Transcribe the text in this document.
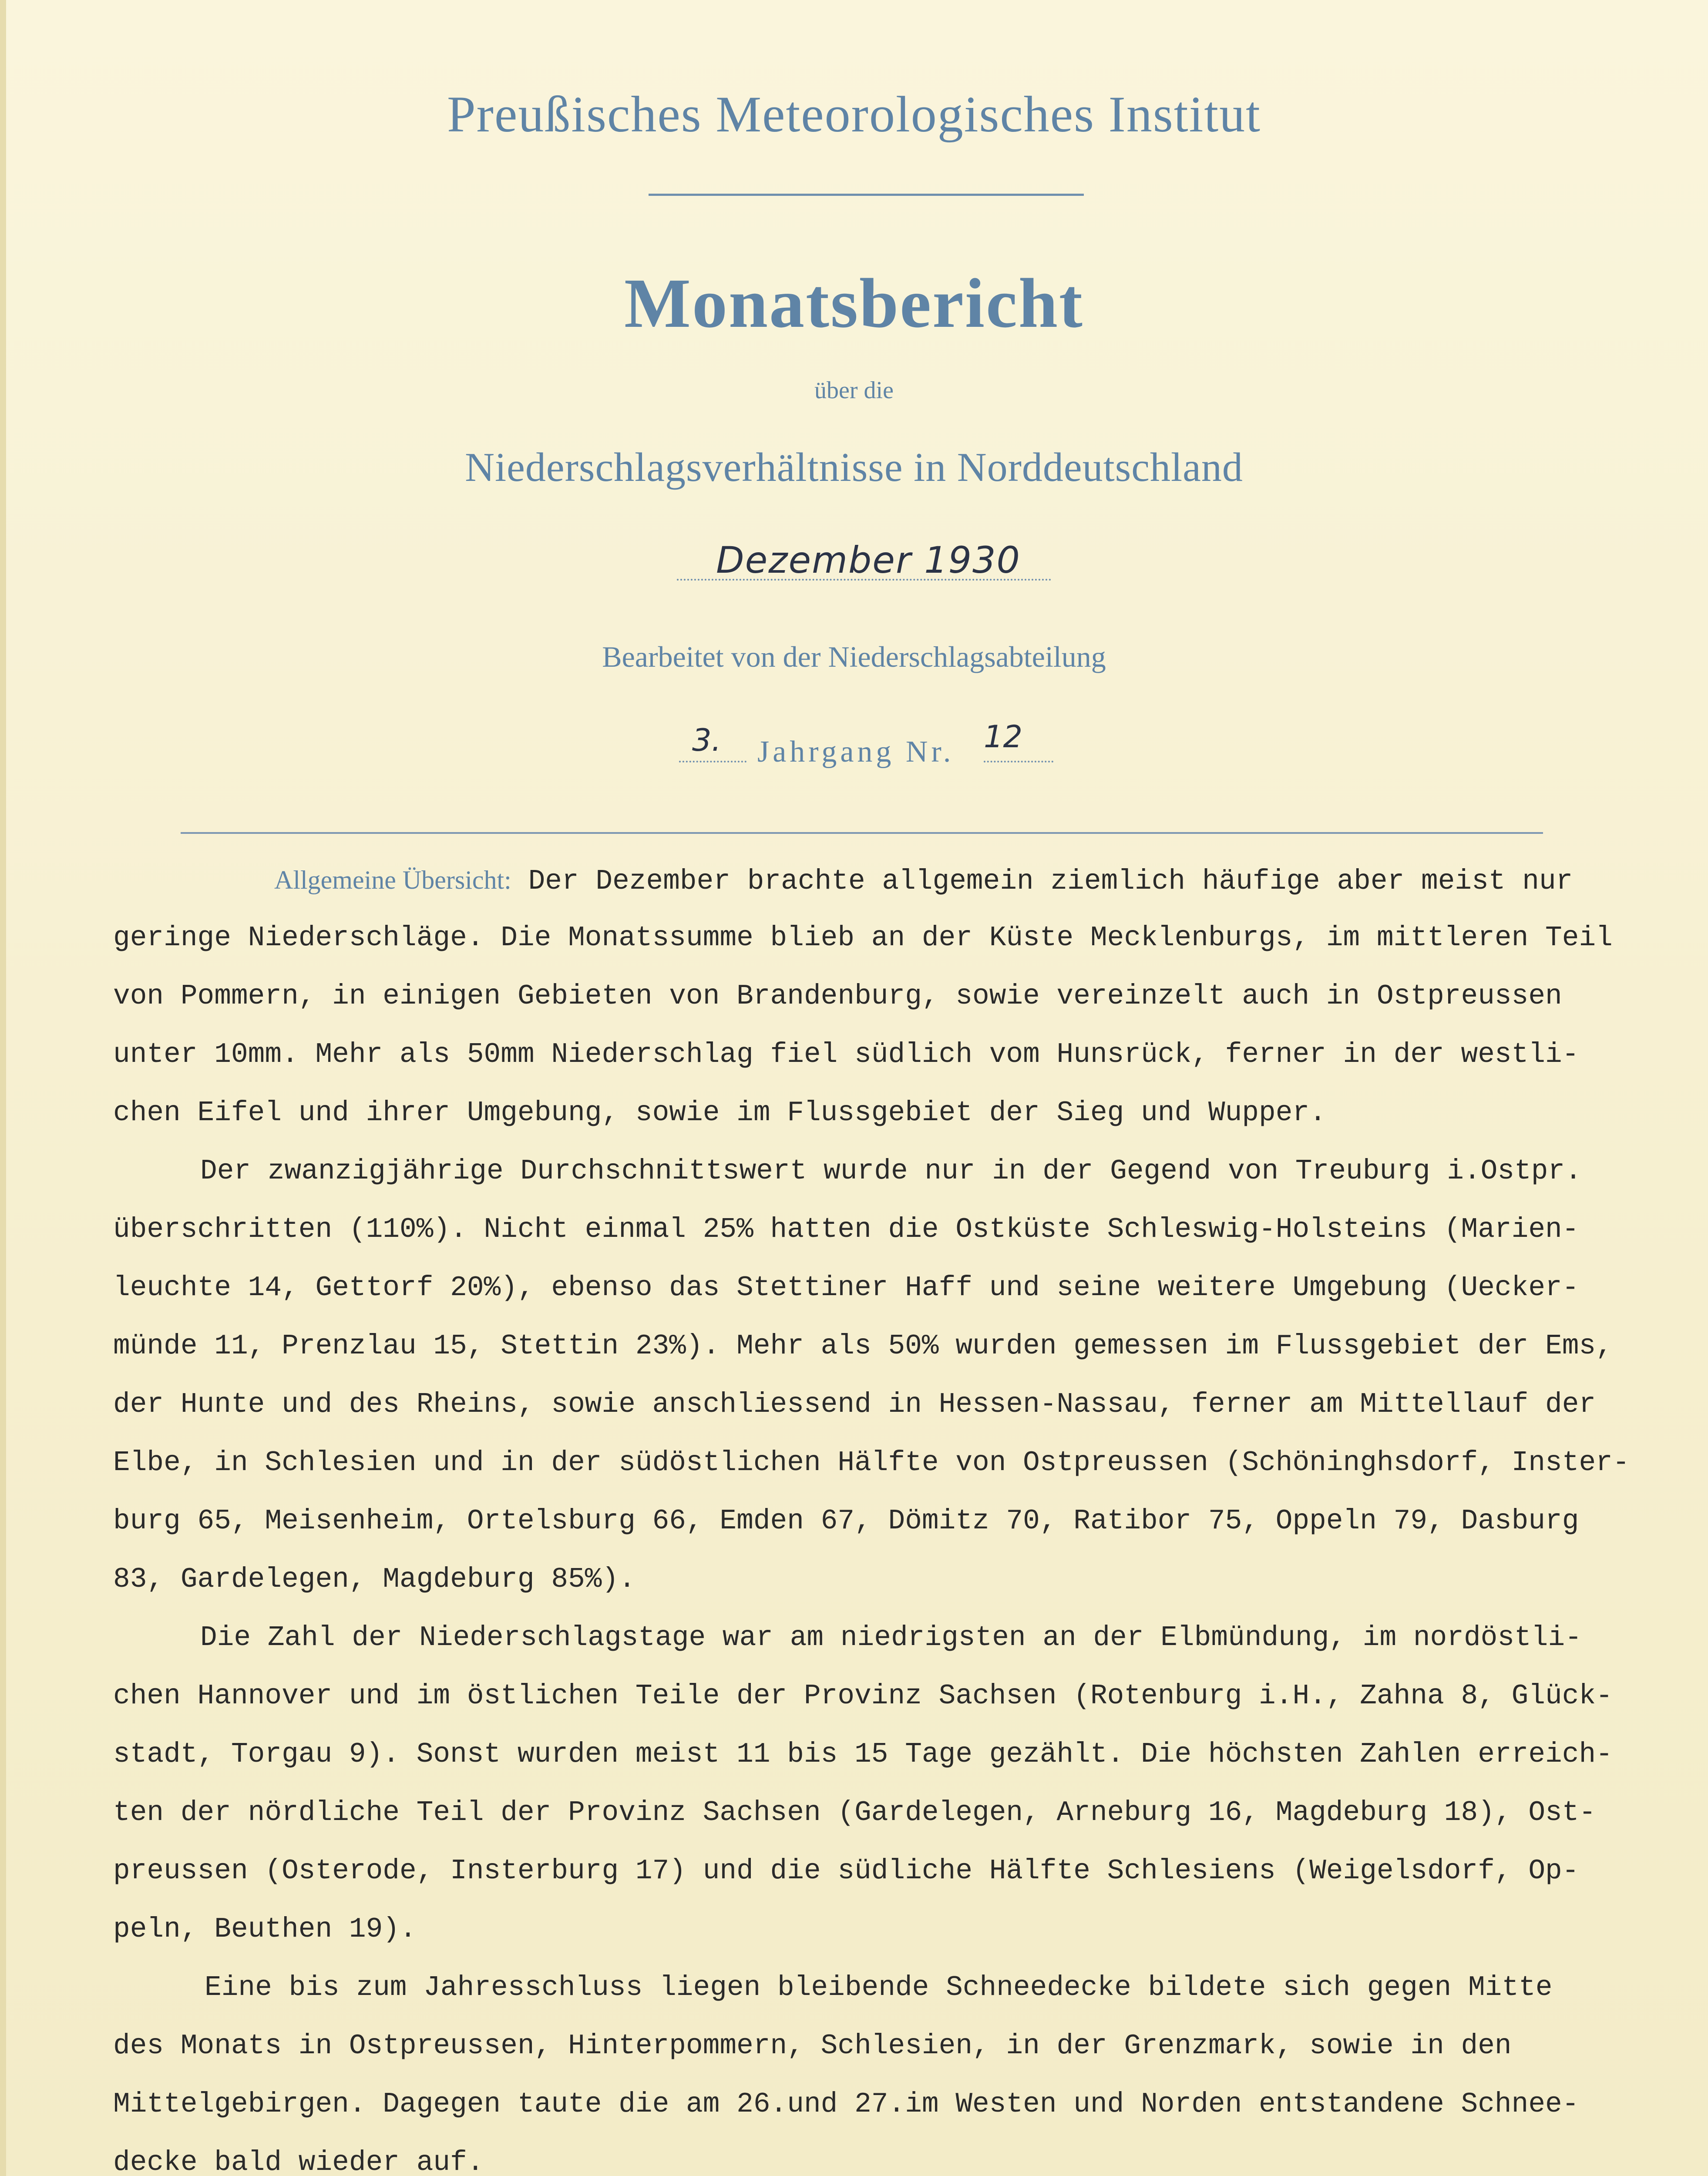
Preußisches Meteorologisches Institut
Monatsbericht
über die
Niederschlagsverhältnisse in Norddeutschland
Dezember 1930
Bearbeitet von der Niederschlagsabteilung
3. Jahrgang Nr. 12
Allgemeine Übersicht: Der Dezember brachte allgemein ziemlich häufige aber meist nur
geringe Niederschläge. Die Monatssumme blieb an der Küste Mecklenburgs, im mittleren Teil
von Pommern, in einigen Gebieten von Brandenburg, sowie vereinzelt auch in Ostpreussen
unter 10mm. Mehr als 50mm Niederschlag fiel südlich vom Hunsrück, ferner in der westli-
chen Eifel und ihrer Umgebung, sowie im Flussgebiet der Sieg und Wupper.
Der zwanzigjährige Durchschnittswert wurde nur in der Gegend von Treuburg i.Ostpr.
überschritten (110%). Nicht einmal 25% hatten die Ostküste Schleswig-Holsteins (Marien-
leuchte 14, Gettorf 20%), ebenso das Stettiner Haff und seine weitere Umgebung (Uecker-
münde 11, Prenzlau 15, Stettin 23%). Mehr als 50% wurden gemessen im Flussgebiet der Ems,
der Hunte und des Rheins, sowie anschliessend in Hessen-Nassau, ferner am Mittellauf der
Elbe, in Schlesien und in der südöstlichen Hälfte von Ostpreussen (Schöninghsdorf, Inster-
burg 65, Meisenheim, Ortelsburg 66, Emden 67, Dömitz 70, Ratibor 75, Oppeln 79, Dasburg
83, Gardelegen, Magdeburg 85%).
Die Zahl der Niederschlagstage war am niedrigsten an der Elbmündung, im nordöstli-
chen Hannover und im östlichen Teile der Provinz Sachsen (Rotenburg i.H., Zahna 8, Glück-
stadt, Torgau 9). Sonst wurden meist 11 bis 15 Tage gezählt. Die höchsten Zahlen erreich-
ten der nördliche Teil der Provinz Sachsen (Gardelegen, Arneburg 16, Magdeburg 18), Ost-
preussen (Osterode, Insterburg 17) und die südliche Hälfte Schlesiens (Weigelsdorf, Op-
peln, Beuthen 19).
Eine bis zum Jahresschluss liegen bleibende Schneedecke bildete sich gegen Mitte
des Monats in Ostpreussen, Hinterpommern, Schlesien, in der Grenzmark, sowie in den
Mittelgebirgen. Dagegen taute die am 26.und 27.im Westen und Norden entstandene Schnee-
decke bald wieder auf.
